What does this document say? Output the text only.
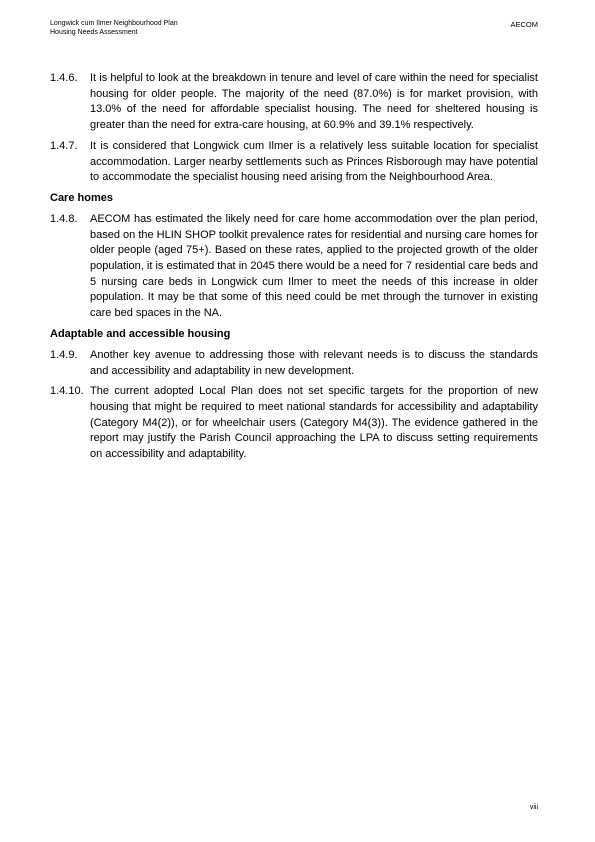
Longwick cum Ilmer Neighbourhood Plan
Housing Needs Assessment
AECOM
1.4.6. It is helpful to look at the breakdown in tenure and level of care within the need for specialist housing for older people. The majority of the need (87.0%) is for market provision, with 13.0% of the need for affordable specialist housing. The need for sheltered housing is greater than the need for extra-care housing, at 60.9% and 39.1% respectively.
1.4.7. It is considered that Longwick cum Ilmer is a relatively less suitable location for specialist accommodation. Larger nearby settlements such as Princes Risborough may have potential to accommodate the specialist housing need arising from the Neighbourhood Area.
Care homes
1.4.8. AECOM has estimated the likely need for care home accommodation over the plan period, based on the HLIN SHOP toolkit prevalence rates for residential and nursing care homes for older people (aged 75+). Based on these rates, applied to the projected growth of the older population, it is estimated that in 2045 there would be a need for 7 residential care beds and 5 nursing care beds in Longwick cum Ilmer to meet the needs of this increase in older population. It may be that some of this need could be met through the turnover in existing care bed spaces in the NA.
Adaptable and accessible housing
1.4.9. Another key avenue to addressing those with relevant needs is to discuss the standards and accessibility and adaptability in new development.
1.4.10. The current adopted Local Plan does not set specific targets for the proportion of new housing that might be required to meet national standards for accessibility and adaptability (Category M4(2)), or for wheelchair users (Category M4(3)). The evidence gathered in the report may justify the Parish Council approaching the LPA to discuss setting requirements on accessibility and adaptability.
viii
